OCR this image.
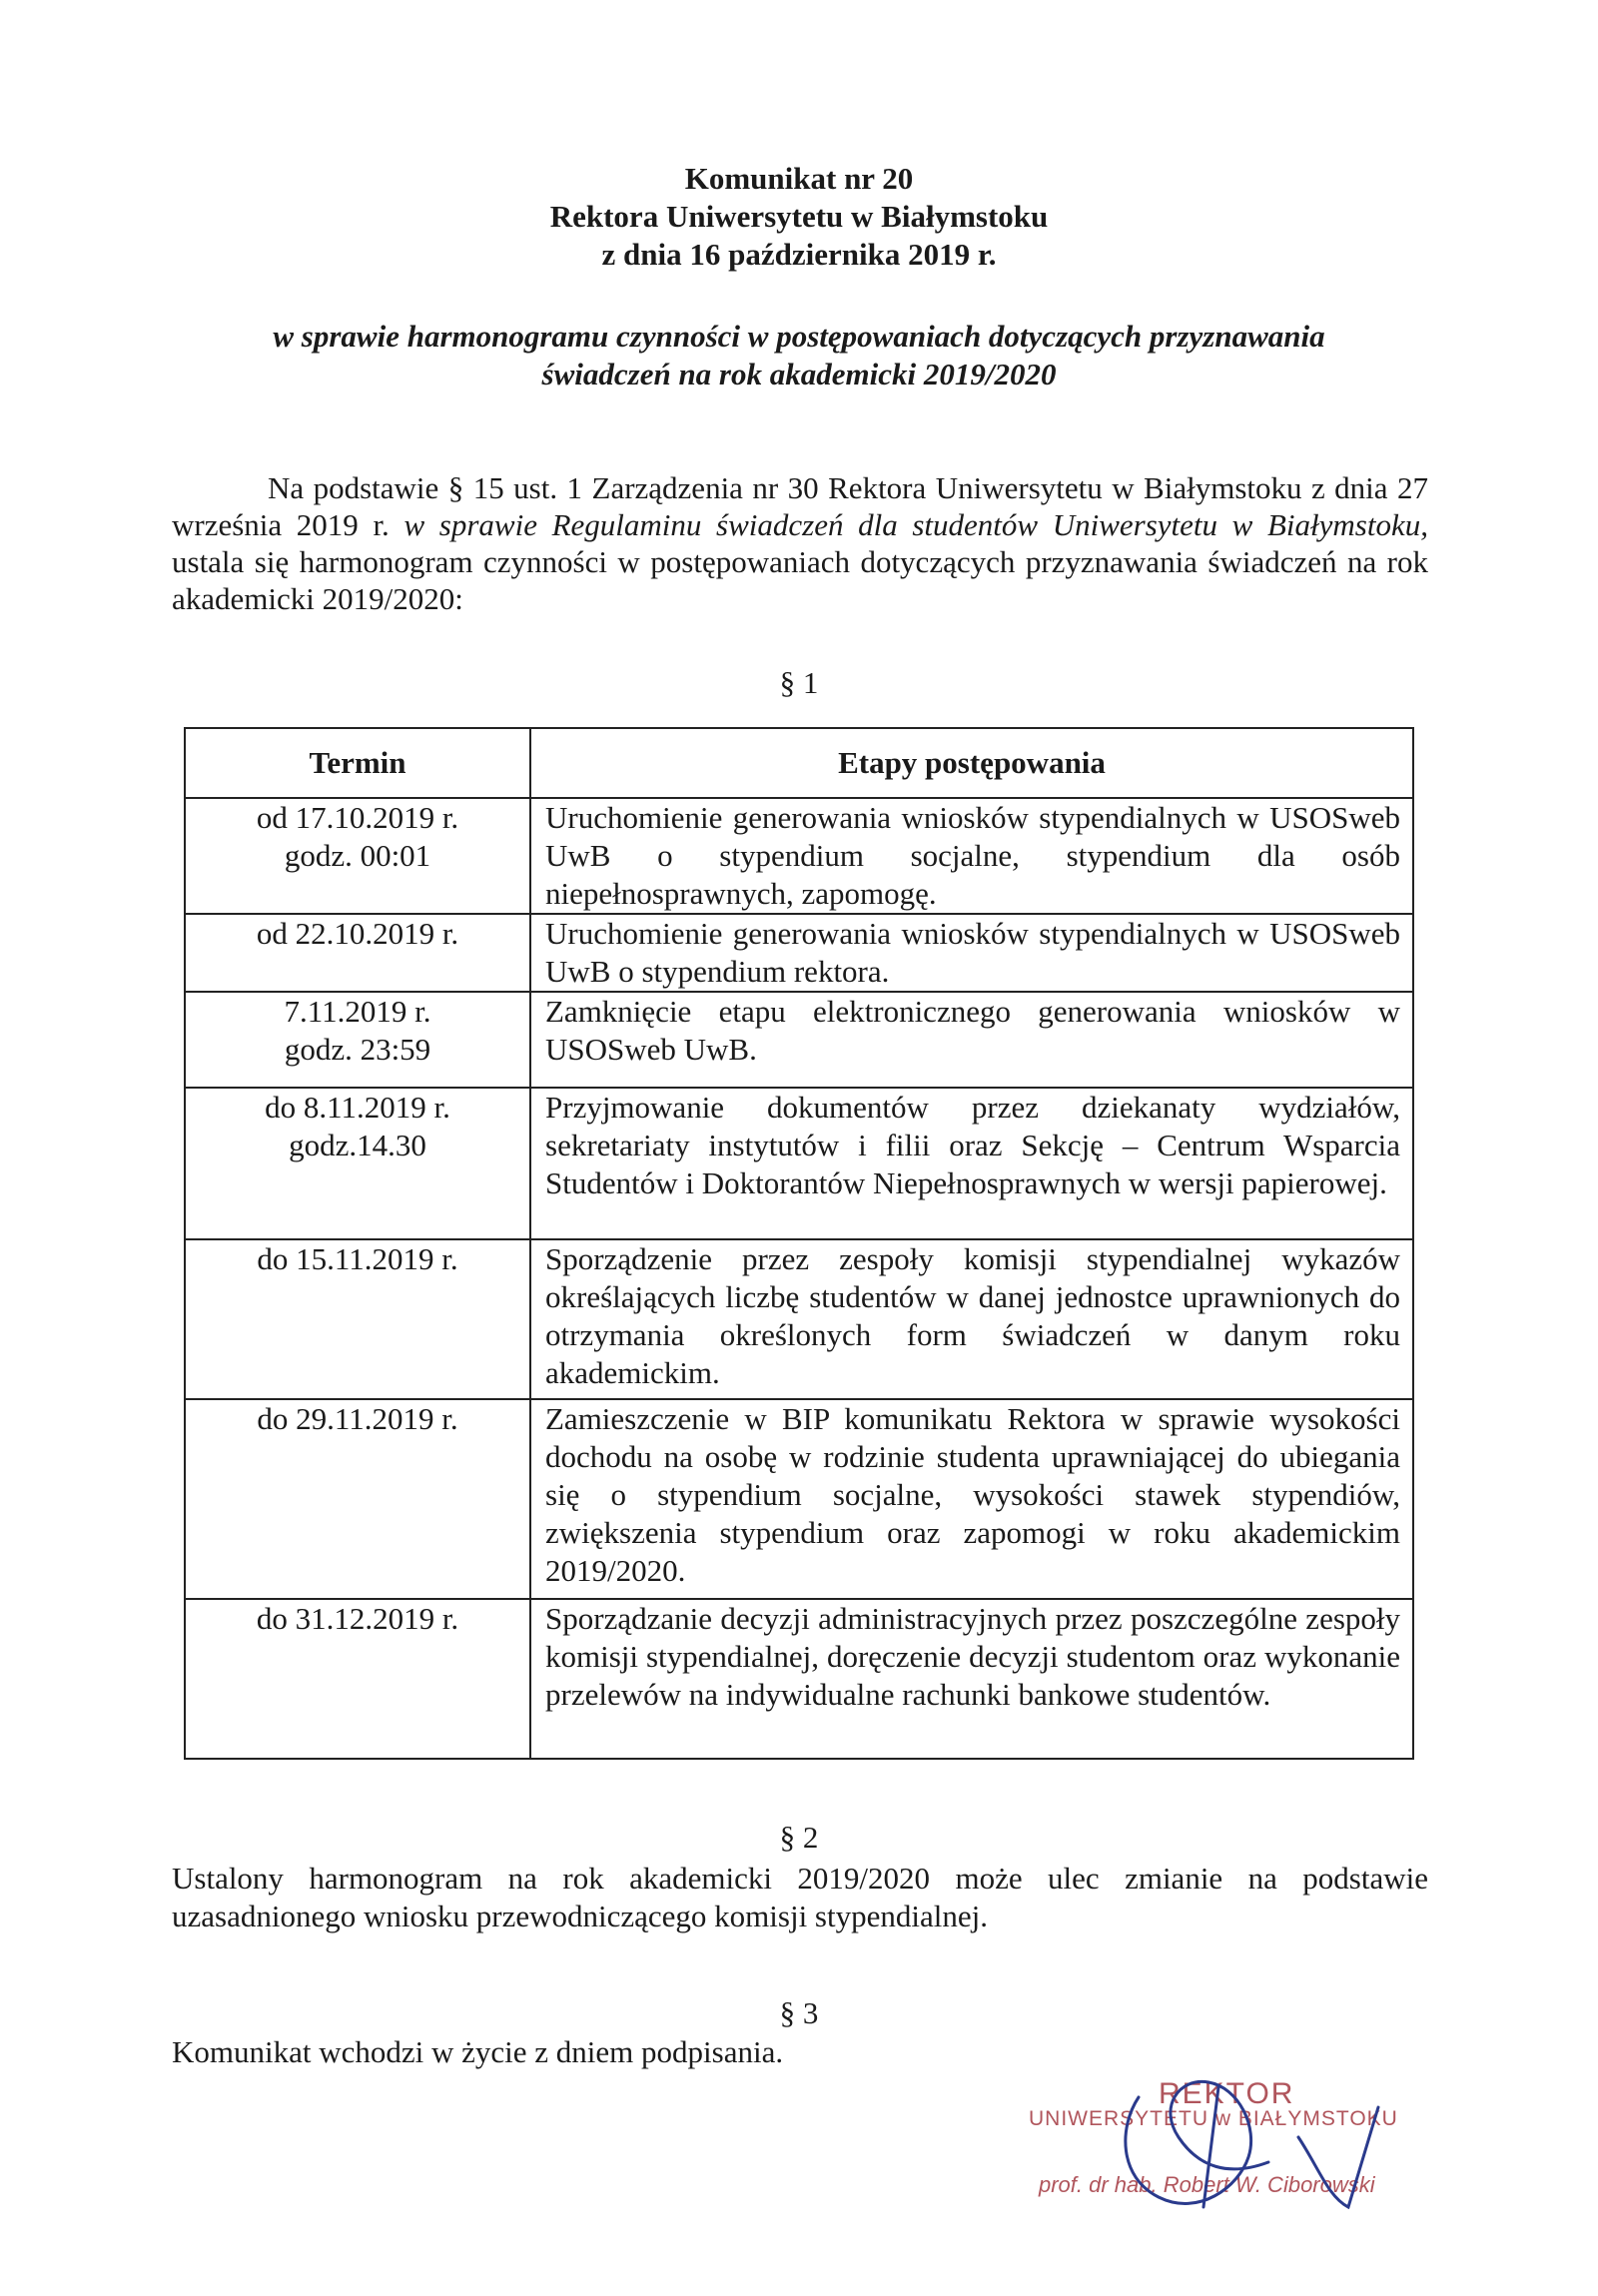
Komunikat nr 20
Rektora Uniwersytetu w Białymstoku
z dnia 16 października 2019 r.
w sprawie harmonogramu czynności w postępowaniach dotyczących przyznawania
świadczeń na rok akademicki 2019/2020

Na podstawie § 15 ust. 1 Zarządzenia nr 30 Rektora Uniwersytetu w Białymstoku z dnia 27 września 2019 r. w sprawie Regulaminu świadczeń dla studentów Uniwersytetu w Białymstoku, ustala się harmonogram czynności w postępowaniach dotyczących przyznawania świadczeń na rok akademicki 2019/2020:

§ 1
Termin	Etapy postępowania

od 17.10.2019 r.
godz. 00:01	Uruchomienie generowania wniosków stypendialnych w USOSweb UwB o stypendium socjalne, stypendium dla osób niepełnosprawnych, zapomogę.

od 22.10.2019 r.	Uruchomienie generowania wniosków stypendialnych w USOSweb UwB o stypendium rektora.

7.11.2019 r.
godz. 23:59	Zamknięcie etapu elektronicznego generowania wniosków w USOSweb UwB.

do 8.11.2019 r.
godz.14.30	Przyjmowanie dokumentów przez dziekanaty wydziałów, sekretariaty instytutów i filii oraz Sekcję – Centrum Wsparcia Studentów i Doktorantów Niepełnosprawnych w wersji papierowej.

do 15.11.2019 r.	Sporządzenie przez zespoły komisji stypendialnej wykazów określających liczbę studentów w danej jednostce uprawnionych do otrzymania określonych form świadczeń w danym roku akademickim.

do 29.11.2019 r.	Zamieszczenie w BIP komunikatu Rektora w sprawie wysokości dochodu na osobę w rodzinie studenta uprawniającej do ubiegania się o stypendium socjalne, wysokości stawek stypendiów, zwiększenia stypendium oraz zapomogi w roku akademickim 2019/2020.

do 31.12.2019 r.	Sporządzanie decyzji administracyjnych przez poszczególne zespoły komisji stypendialnej, doręczenie decyzji studentom oraz wykonanie przelewów na indywidualne rachunki bankowe studentów.
§ 2
Ustalony harmonogram na rok akademicki 2019/2020 może ulec zmianie na podstawie uzasadnionego wniosku przewodniczącego komisji stypendialnej.
§ 3
Komunikat wchodzi w życie z dniem podpisania.
REKTOR
UNIWERSYTETU w BIAŁYMSTOKU
prof. dr hab. Robert W. Ciborowski
